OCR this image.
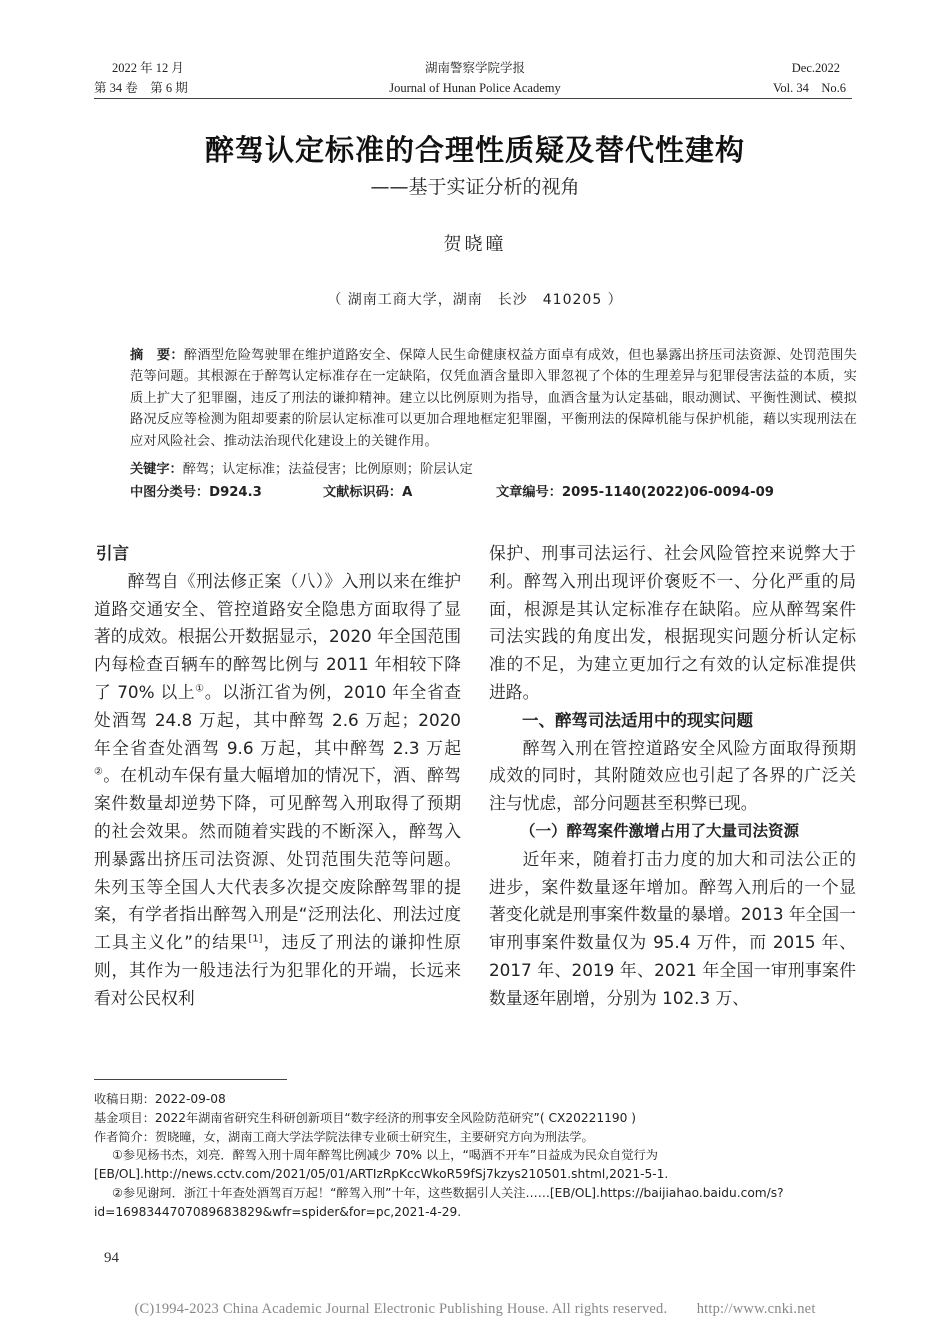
2022 年 12 月
第 34 卷　第 6 期
湖南警察学院学报
Journal of Hunan Police Academy
Dec.2022
Vol. 34　No.6
醉驾认定标准的合理性质疑及替代性建构
——基于实证分析的视角
贺晓曈
（ 湖南工商大学，湖南　长沙　410205 ）
摘　要：醉酒型危险驾驶罪在维护道路安全、保障人民生命健康权益方面卓有成效，但也暴露出挤压司法资源、处罚范围失范等问题。其根源在于醉驾认定标准存在一定缺陷，仅凭血酒含量即入罪忽视了个体的生理差异与犯罪侵害法益的本质，实质上扩大了犯罪圈，违反了刑法的谦抑精神。建立以比例原则为指导，血酒含量为认定基础，眼动测试、平衡性测试、模拟路况反应等检测为阻却要素的阶层认定标准可以更加合理地框定犯罪圈，平衡刑法的保障机能与保护机能，藉以实现刑法在应对风险社会、推动法治现代化建设上的关键作用。
关键字：醉驾；认定标准；法益侵害；比例原则；阶层认定
中图分类号：D924.3	文献标识码：A	文章编号：2095-1140(2022)06-0094-09

引言

醉驾自《刑法修正案（八）》入刑以来在维护道路交通安全、管控道路安全隐患方面取得了显著的成效。根据公开数据显示，2020 年全国范围内每检查百辆车的醉驾比例与 2011 年相较下降了 70% 以上①。以浙江省为例，2010 年全省查处酒驾 24.8 万起，其中醉驾 2.6 万起；2020 年全省查处酒驾 9.6 万起，其中醉驾 2.3 万起②。在机动车保有量大幅增加的情况下，酒、醉驾案件数量却逆势下降，可见醉驾入刑取得了预期的社会效果。然而随着实践的不断深入，醉驾入刑暴露出挤压司法资源、处罚范围失范等问题。朱列玉等全国人大代表多次提交废除醉驾罪的提案，有学者指出醉驾入刑是“泛刑法化、刑法过度工具主义化”的结果[1]，违反了刑法的谦抑性原则，其作为一般违法行为犯罪化的开端，长远来看对公民权利

保护、刑事司法运行、社会风险管控来说弊大于利。醉驾入刑出现评价褒贬不一、分化严重的局面，根源是其认定标准存在缺陷。应从醉驾案件司法实践的角度出发，根据现实问题分析认定标准的不足，为建立更加行之有效的认定标准提供进路。

一、醉驾司法适用中的现实问题

醉驾入刑在管控道路安全风险方面取得预期成效的同时，其附随效应也引起了各界的广泛关注与忧虑，部分问题甚至积弊已现。

（一）醉驾案件激增占用了大量司法资源

近年来，随着打击力度的加大和司法公正的进步，案件数量逐年增加。醉驾入刑后的一个显著变化就是刑事案件数量的暴增。2013 年全国一审刑事案件数量仅为 95.4 万件，而 2015 年、2017 年、2019 年、2021 年全国一审刑事案件数量逐年剧增，分别为 102.3 万、

收稿日期：2022-09-08

基金项目：2022年湖南省研究生科研创新项目“数字经济的刑事安全风险防范研究”( CX20221190 )

作者简介：贺晓曈，女，湖南工商大学法学院法律专业硕士研究生，主要研究方向为刑法学。

①参见杨书杰，刘亮．醉驾入刑十周年醉驾比例减少 70% 以上，“喝酒不开车”日益成为民众自觉行为 [EB/OL].http://news.cctv.com/2021/05/01/ARTIzRpKccWkoR59fSj7kzys210501.shtml,2021-5-1.

②参见谢珂．浙江十年查处酒驾百万起！“醉驾入刑”十年，这些数据引人关注……[EB/OL].https://baijiahao.baidu.com/s?id=1698344707089683829&wfr=spider&for=pc,2021-4-29.

94
(C)1994-2023 China Academic Journal Electronic Publishing House. All rights reserved.　　http://www.cnki.net
